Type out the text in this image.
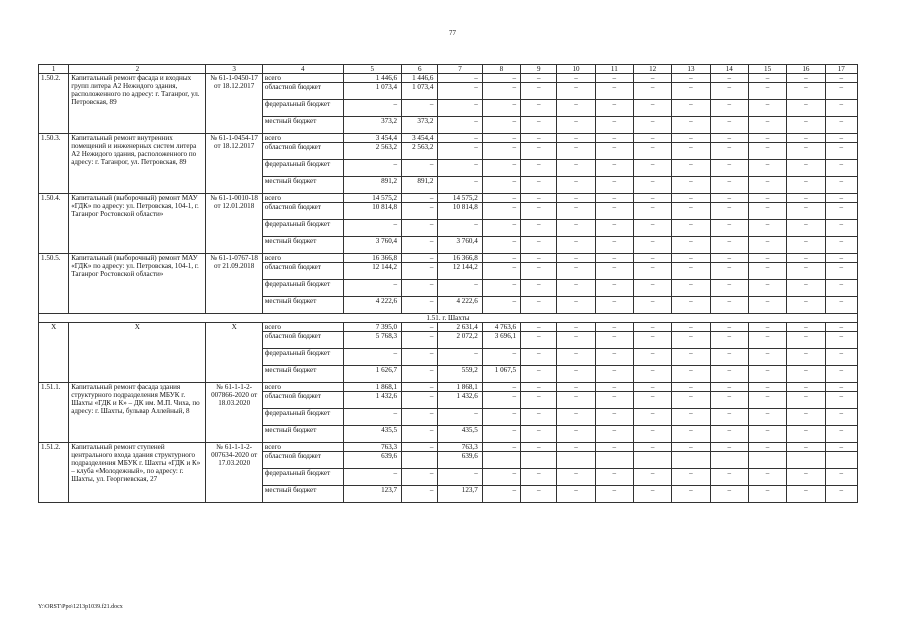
77
1	2	3	4	5	6	7	8	9	10	11	12	13	14	15	16	17
1.50.2.	Капитальный ремонт фасада и входных групп литера А2 Нежидого здания, расположенного по адресу: г. Таганрог, ул. Петровская, 89	№ 61-1-0450-17 от 18.12.2017	всего	1 446,6	1 446,6	–	–	–	–	–	–	–	–	–	–	–
			областной бюджет	1 073,4	1 073,4	–	–	–	–	–	–	–	–	–	–	–
			федеральный бюджет	–	–	–	–	–	–	–	–	–	–	–	–	–
			местный бюджет	373,2	373,2	–	–	–	–	–	–	–	–	–	–	–
1.50.3.	Капитальный ремонт внутренних помещений и инженерных систем литера А2 Нежидого здания, расположенного по адресу: г. Таганрог, ул. Петровская, 89	№ 61-1-0454-17 от 18.12.2017	всего	3 454,4	3 454,4	–	–	–	–	–	–	–	–	–	–	–
			областной бюджет	2 563,2	2 563,2	–	–	–	–	–	–	–	–	–	–	–
			федеральный бюджет	–	–	–	–	–	–	–	–	–	–	–	–	–
			местный бюджет	891,2	891,2	–	–	–	–	–	–	–	–	–	–	–
1.50.4.	Капитальный (выборочный) ремонт МАУ «ГДК» по адресу: ул. Петровская, 104-1, г. Таганрог Ростовской области»	№ 61-1-0010-18 от 12.01.2018	всего	14 575,2	–	14 575,2	–	–	–	–	–	–	–	–	–	–
			областной бюджет	10 814,8	–	10 814,8	–	–	–	–	–	–	–	–	–	–
			федеральный бюджет	–	–	–	–	–	–	–	–	–	–	–	–	–
			местный бюджет	3 760,4	–	3 760,4	–	–	–	–	–	–	–	–	–	–
1.50.5.	Капитальный (выборочный) ремонт МАУ «ГДК» по адресу: ул. Петровская, 104-1, г. Таганрог Ростовской области»	№ 61-1-0767-18 от 21.09.2018	всего	16 366,8	–	16 366,8	–	–	–	–	–	–	–	–	–	–
			областной бюджет	12 144,2	–	12 144,2	–	–	–	–	–	–	–	–	–	–
			федеральный бюджет	–	–	–	–	–	–	–	–	–	–	–	–	–
			местный бюджет	4 222,6	–	4 222,6	–	–	–	–	–	–	–	–	–	–
1.51. г. Шахты																
Х	Х	Х	всего	7 395,0	–	2 631,4	4 763,6	–	–	–	–	–	–	–	–	–
			областной бюджет	5 768,3	–	2 072,2	3 696,1	–	–	–	–	–	–	–	–	–
			федеральный бюджет	–	–	–	–	–	–	–	–	–	–	–	–	–
			местный бюджет	1 626,7	–	559,2	1 067,5	–	–	–	–	–	–	–	–	–
1.51.1.	Капитальный ремонт фасада здания структурного подразделения МБУК г. Шахты «ГДК и К» – ДК им. М.П. Чиха, по адресу: г. Шахты, бульвар Аллейный, 8	№ 61-1-1-2-007866-2020 от 18.03.2020	всего	1 868,1	–	1 868,1	–	–	–	–	–	–	–	–	–	–
			областной бюджет	1 432,6	–	1 432,6	–	–	–	–	–	–	–	–	–	–
			федеральный бюджет	–	–	–	–	–	–	–	–	–	–	–	–	–
			местный бюджет	435,5	–	435,5	–	–	–	–	–	–	–	–	–	–
1.51.2.	Капитальный ремонт ступеней центрального входа здания структурного подразделения МБУК г. Шахты «ГДК и К» – клуба «Молодежный», по адресу: г. Шахты, ул. Георгиевская, 27	№ 61-1-1-2-007634-2020 от 17.03.2020	всего	763,3	–	763,3	–	–	–	–	–	–	–	–	–	–
			областной бюджет	639,6		639,6										
			федеральный бюджет	–	–	–	–	–	–	–	–	–	–	–	–	–
			местный бюджет	123,7	–	123,7	–	–	–	–	–	–	–	–	–	–
Y:\ORST\Ppo\1213p1039.f21.docx
